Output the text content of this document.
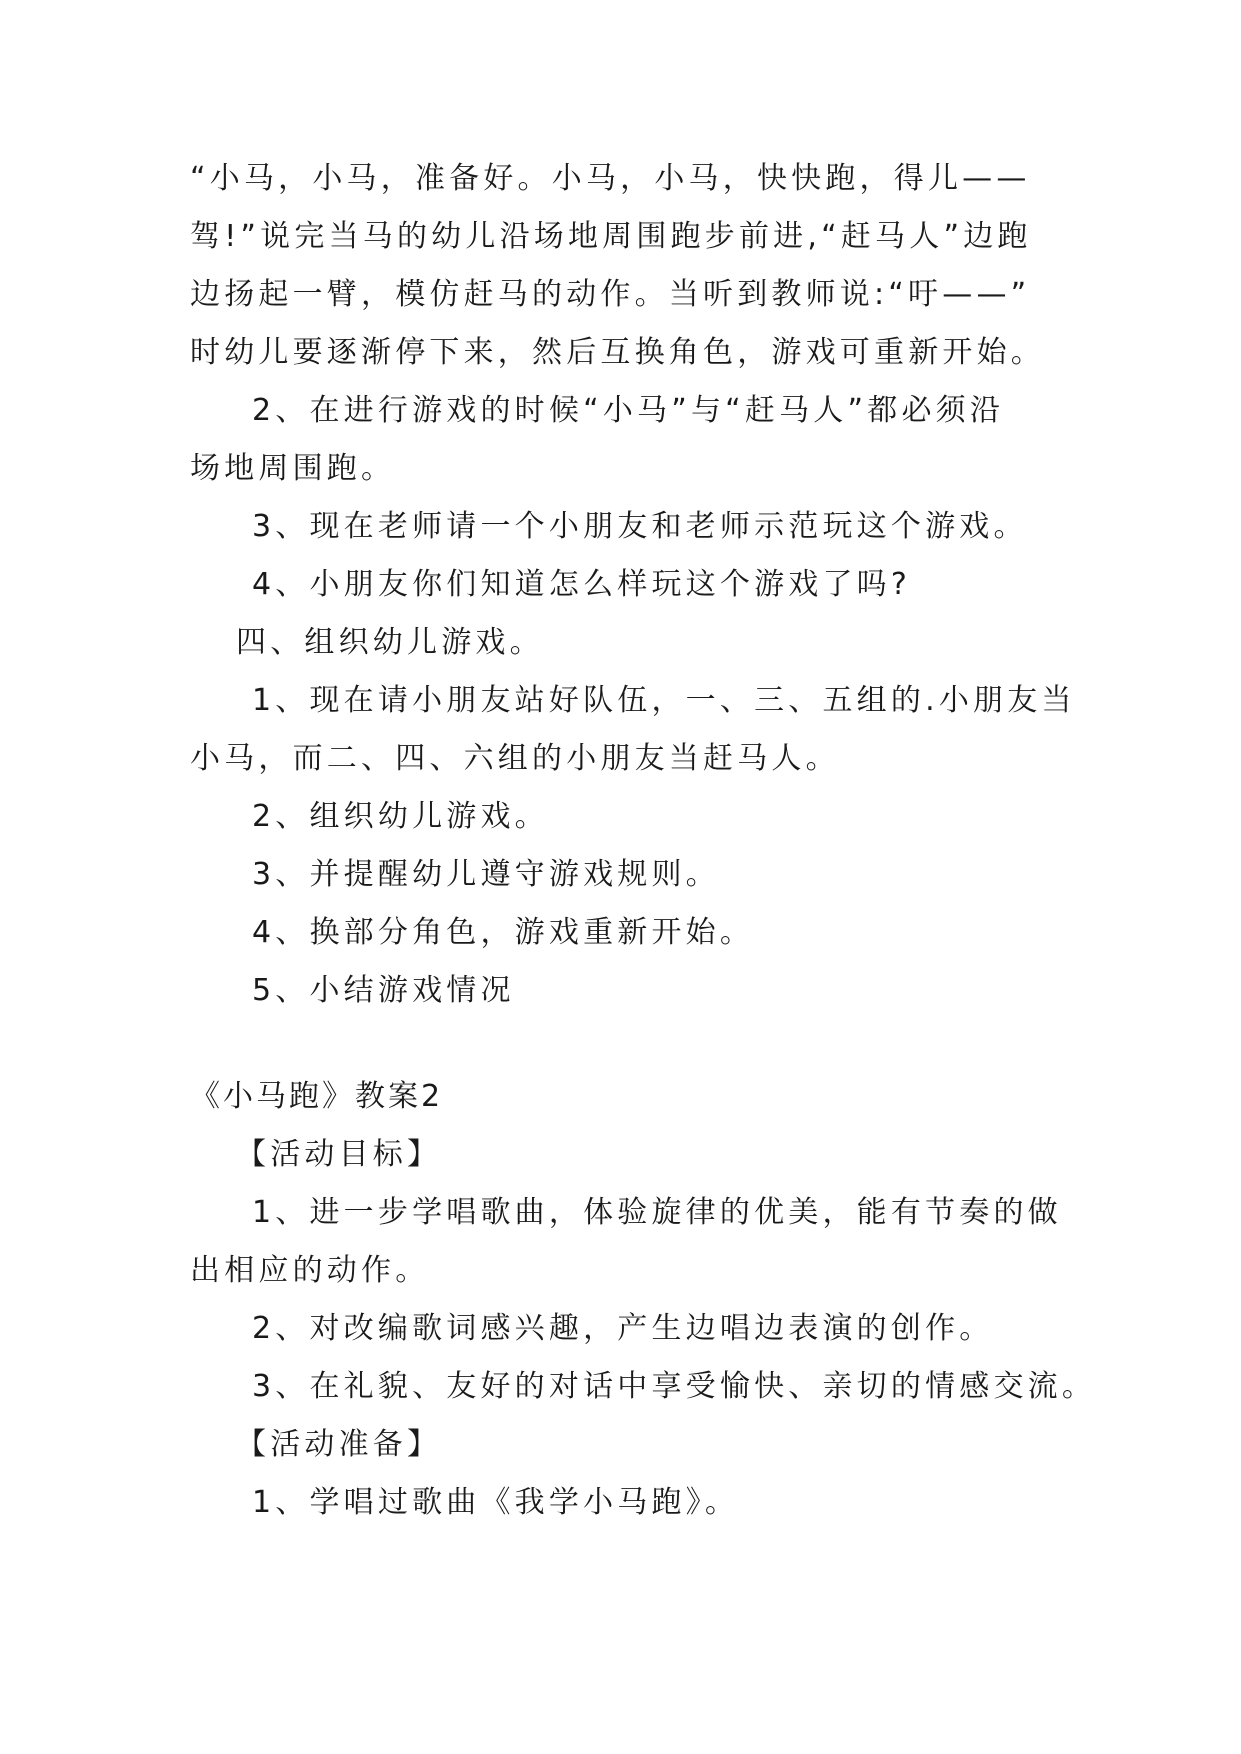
“小马，小马，准备好。小马，小马，快快跑，得儿——
驾!”说完当马的幼儿沿场地周围跑步前进,“赶马人”边跑
边扬起一臂，模仿赶马的动作。当听到教师说:“吁——”
时幼儿要逐渐停下来，然后互换角色，游戏可重新开始。
2、在进行游戏的时候“小马”与“赶马人”都必须沿
场地周围跑。
3、现在老师请一个小朋友和老师示范玩这个游戏。
4、小朋友你们知道怎么样玩这个游戏了吗?
四、组织幼儿游戏。
1、现在请小朋友站好队伍，一、三、五组的.小朋友当
小马，而二、四、六组的小朋友当赶马人。
2、组织幼儿游戏。
3、并提醒幼儿遵守游戏规则。
4、换部分角色，游戏重新开始。
5、小结游戏情况
《小马跑》教案2
【活动目标】
1、进一步学唱歌曲，体验旋律的优美，能有节奏的做
出相应的动作。
2、对改编歌词感兴趣，产生边唱边表演的创作。
3、在礼貌、友好的对话中享受愉快、亲切的情感交流。
【活动准备】
1、学唱过歌曲《我学小马跑》。
